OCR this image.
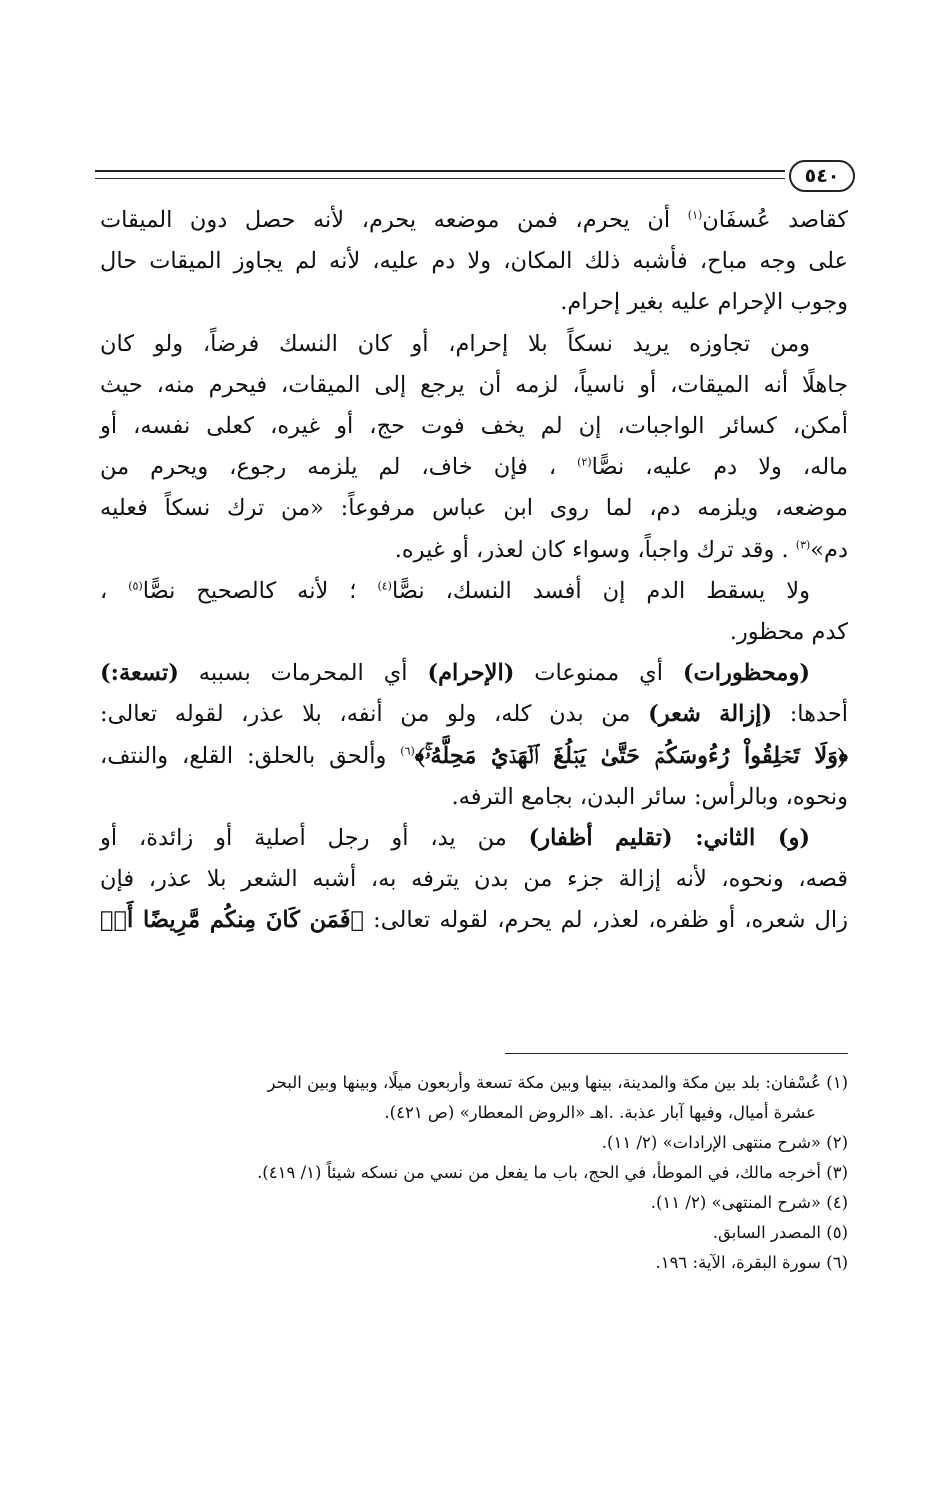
٥٤٠

كقاصد عُسفَان$^{(١)}$ أن يحرم، فمن موضعه يحرم، لأنه حصل دون الميقات
على وجه مباح، فأشبه ذلك المكان، ولا دم عليه، لأنه لم يجاوز الميقات حال
وجوب الإحرام عليه بغير إحرام.

ومن تجاوزه يريد نسكاً بلا إحرام، أو كان النسك فرضاً، ولو كان
جاهلًا أنه الميقات، أو ناسياً، لزمه أن يرجع إلى الميقات، فيحرم منه، حيث
أمكن، كسائر الواجبات، إن لم يخف فوت حج، أو غيره، كعلى نفسه، أو
ماله، ولا دم عليه، نصًّا$^{(٢)}$ ، فإن خاف، لم يلزمه رجوع، ويحرم من
موضعه، ويلزمه دم، لما روى ابن عباس مرفوعاً: «من ترك نسكاً فعليه
دم»$^{(٣)}$ . وقد ترك واجباً، وسواء كان لعذر، أو غيره.

ولا يسقط الدم إن أفسد النسك، نصًّا$^{(٤)}$ ؛ لأنه كالصحيح نصًّا$^{(٥)}$ ،
كدم محظور.

(ومحظورات) أي ممنوعات (الإحرام) أي المحرمات بسببه (تسعة:)

أحدها: (إزالة شعر) من بدن كله، ولو من أنفه، بلا عذر، لقوله تعالى:
﴿وَلَا تَحۡلِقُواْ رُءُوسَكُمۡ حَتَّىٰ يَبۡلُغَ ٱلۡهَدۡيُ مَحِلَّهُۥۚ﴾$^{(٦)}$ وألحق بالحلق: القلع، والنتف،
ونحوه، وبالرأس: سائر البدن، بجامع الترفه.

(و) الثاني: (تقليم أظفار) من يد، أو رجل أصلية أو زائدة، أو
قصه، ونحوه، لأنه إزالة جزء من بدن يترفه به، أشبه الشعر بلا عذر، فإن
زال شعره، أو ظفره، لعذر، لم يحرم، لقوله تعالى: ﴿فَمَن كَانَ مِنكُم مَّرِيضًا أَوۡ

(١) عُسْفان: بلد بين مكة والمدينة، بينها وبين مكة تسعة وأربعون ميلًا، وبينها وبين البحر
عشرة أميال، وفيها آبار عذبة. .اهـ «الروض المعطار» (ص ٤٢١).

(٢) «شرح منتهى الإرادات» (٢/ ١١).

(٣) أخرجه مالك، في الموطأ، في الحج، باب ما يفعل من نسي من نسكه شيئاً (١/ ٤١٩).

(٤) «شرح المنتهى» (٢/ ١١).

(٥) المصدر السابق.

(٦) سورة البقرة، الآية: ١٩٦.
